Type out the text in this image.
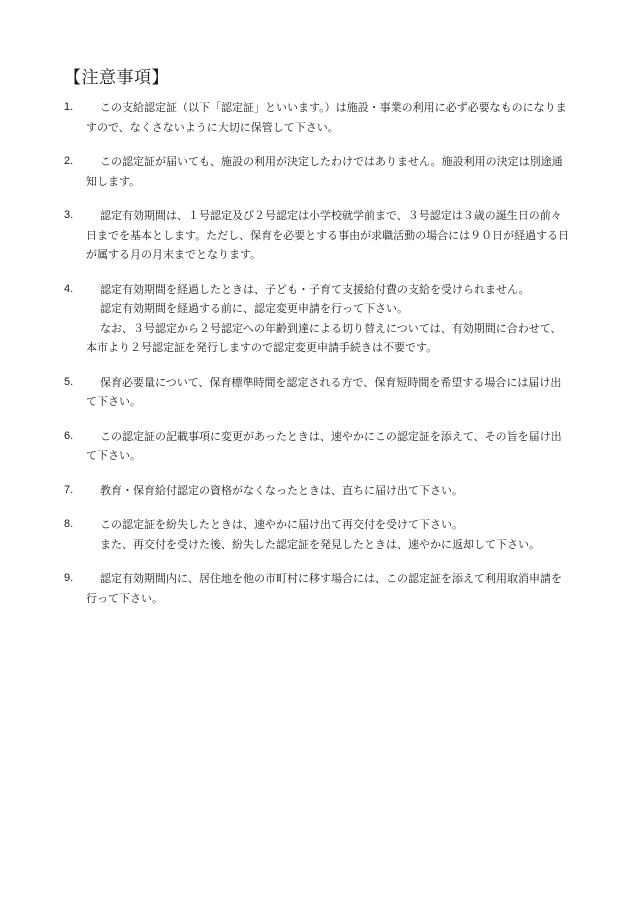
【注意事項】
1.	この支給認定証（以下「認定証」といいます。）は施設・事業の利用に必ず必要なものになりますので、なくさないように大切に保管して下さい。

2.	この認定証が届いても、施設の利用が決定したわけではありません。施設利用の決定は別途通知します。

3.	認定有効期間は、１号認定及び２号認定は小学校就学前まで、３号認定は３歳の誕生日の前々日までを基本とします。ただし、保育を必要とする事由が求職活動の場合には９０日が経過する日が属する月の月末までとなります。

4.	認定有効期間を経過したときは、子ども・子育て支援給付費の支給を受けられません。

認定有効期間を経過する前に、認定変更申請を行って下さい。

なお、３号認定から２号認定への年齢到達による切り替えについては、有効期間に合わせて、本市より２号認定証を発行しますので認定変更申請手続きは不要です。

5.	保育必要量について、保育標準時間を認定される方で、保育短時間を希望する場合には届け出て下さい。

6.	この認定証の記載事項に変更があったときは、速やかにこの認定証を添えて、その旨を届け出て下さい。

7.	教育・保育給付認定の資格がなくなったときは、直ちに届け出て下さい。

8.	この認定証を紛失したときは、速やかに届け出て再交付を受けて下さい。

また、再交付を受けた後、紛失した認定証を発見したときは、速やかに返却して下さい。

9.	認定有効期間内に、居住地を他の市町村に移す場合には、この認定証を添えて利用取消申請を行って下さい。
